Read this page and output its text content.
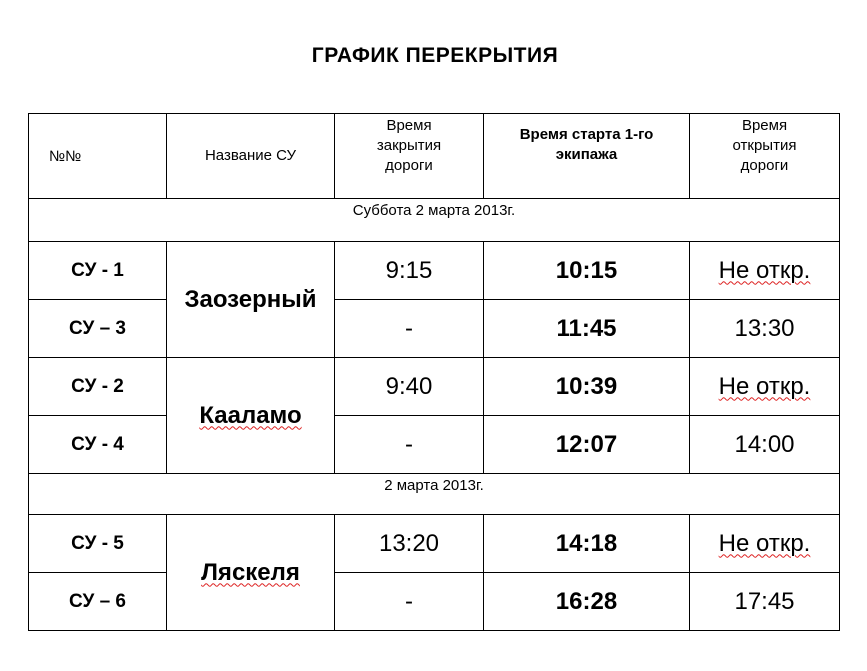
ГРАФИК ПЕРЕКРЫТИЯ
№№	Название СУ	Время закрытия дороги	Время старта 1-го экипажа	Время открытия дороги
Суббота 2 марта 2013г.				
СУ - 1	Заозерный	9:15	10:15	Не откр.
СУ – 3		-	11:45	13:30
СУ - 2	Кааламо	9:40	10:39	Не откр.
СУ - 4		-	12:07	14:00
2 марта 2013г.				
СУ - 5	Ляскеля	13:20	14:18	Не откр.
СУ – 6		-	16:28	17:45
